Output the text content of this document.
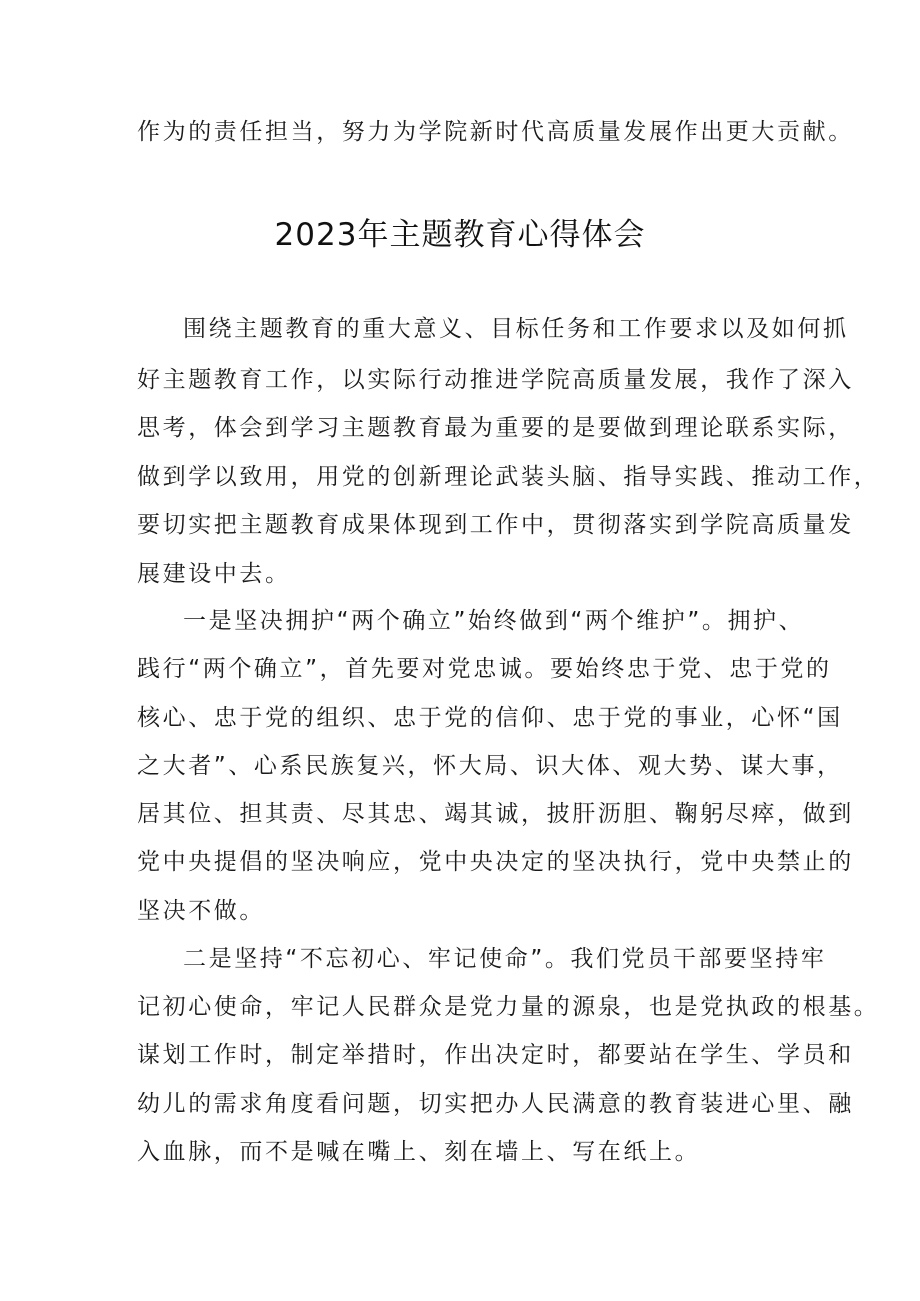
作为的责任担当，努力为学院新时代高质量发展作出更大贡献。
2023年主题教育心得体会
围绕主题教育的重大意义、目标任务和工作要求以及如何抓
好主题教育工作，以实际行动推进学院高质量发展，我作了深入
思考，体会到学习主题教育最为重要的是要做到理论联系实际，
做到学以致用，用党的创新理论武装头脑、指导实践、推动工作，
要切实把主题教育成果体现到工作中，贯彻落实到学院高质量发
展建设中去。
一是坚决拥护“两个确立”始终做到“两个维护”。拥护、
践行“两个确立”，首先要对党忠诚。要始终忠于党、忠于党的
核心、忠于党的组织、忠于党的信仰、忠于党的事业，心怀“国
之大者”、心系民族复兴，怀大局、识大体、观大势、谋大事，
居其位、担其责、尽其忠、竭其诚，披肝沥胆、鞠躬尽瘁，做到
党中央提倡的坚决响应，党中央决定的坚决执行，党中央禁止的
坚决不做。
二是坚持“不忘初心、牢记使命”。我们党员干部要坚持牢
记初心使命，牢记人民群众是党力量的源泉，也是党执政的根基。
谋划工作时，制定举措时，作出决定时，都要站在学生、学员和
幼儿的需求角度看问题，切实把办人民满意的教育装进心里、融
入血脉，而不是喊在嘴上、刻在墙上、写在纸上。
